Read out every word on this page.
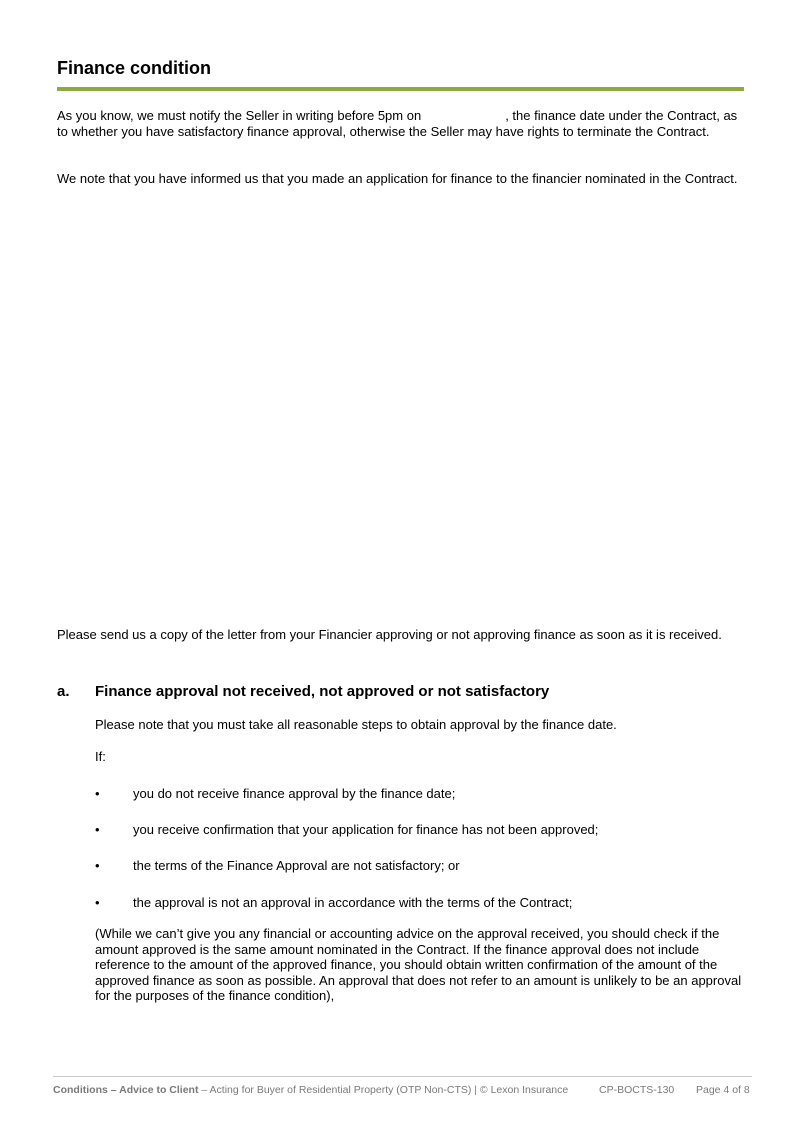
Finance condition
As you know, we must notify the Seller in writing before 5pm on	, the finance date under the Contract, as to whether you have satisfactory finance approval, otherwise the Seller may have rights to terminate the Contract.
We note that you have informed us that you made an application for finance to the financier nominated in the Contract.
Please send us a copy of the letter from your Financier approving or not approving finance as soon as it is received.
a. Finance approval not received, not approved or not satisfactory
Please note that you must take all reasonable steps to obtain approval by the finance date.
If:
•	you do not receive finance approval by the finance date;
•	you receive confirmation that your application for finance has not been approved;
•	the terms of the Finance Approval are not satisfactory; or
•	the approval is not an approval in accordance with the terms of the Contract;
(While we can’t give you any financial or accounting advice on the approval received, you should check if the amount approved is the same amount nominated in the Contract. If the finance approval does not include reference to the amount of the approved finance, you should obtain written confirmation of the amount of the approved finance as soon as possible. An approval that does not refer to an amount is unlikely to be an approval for the purposes of the finance condition),
Conditions – Advice to Client – Acting for Buyer of Residential Property (OTP Non-CTS) | © Lexon Insurance	CP-BOCTS-130 Page 4 of 8
